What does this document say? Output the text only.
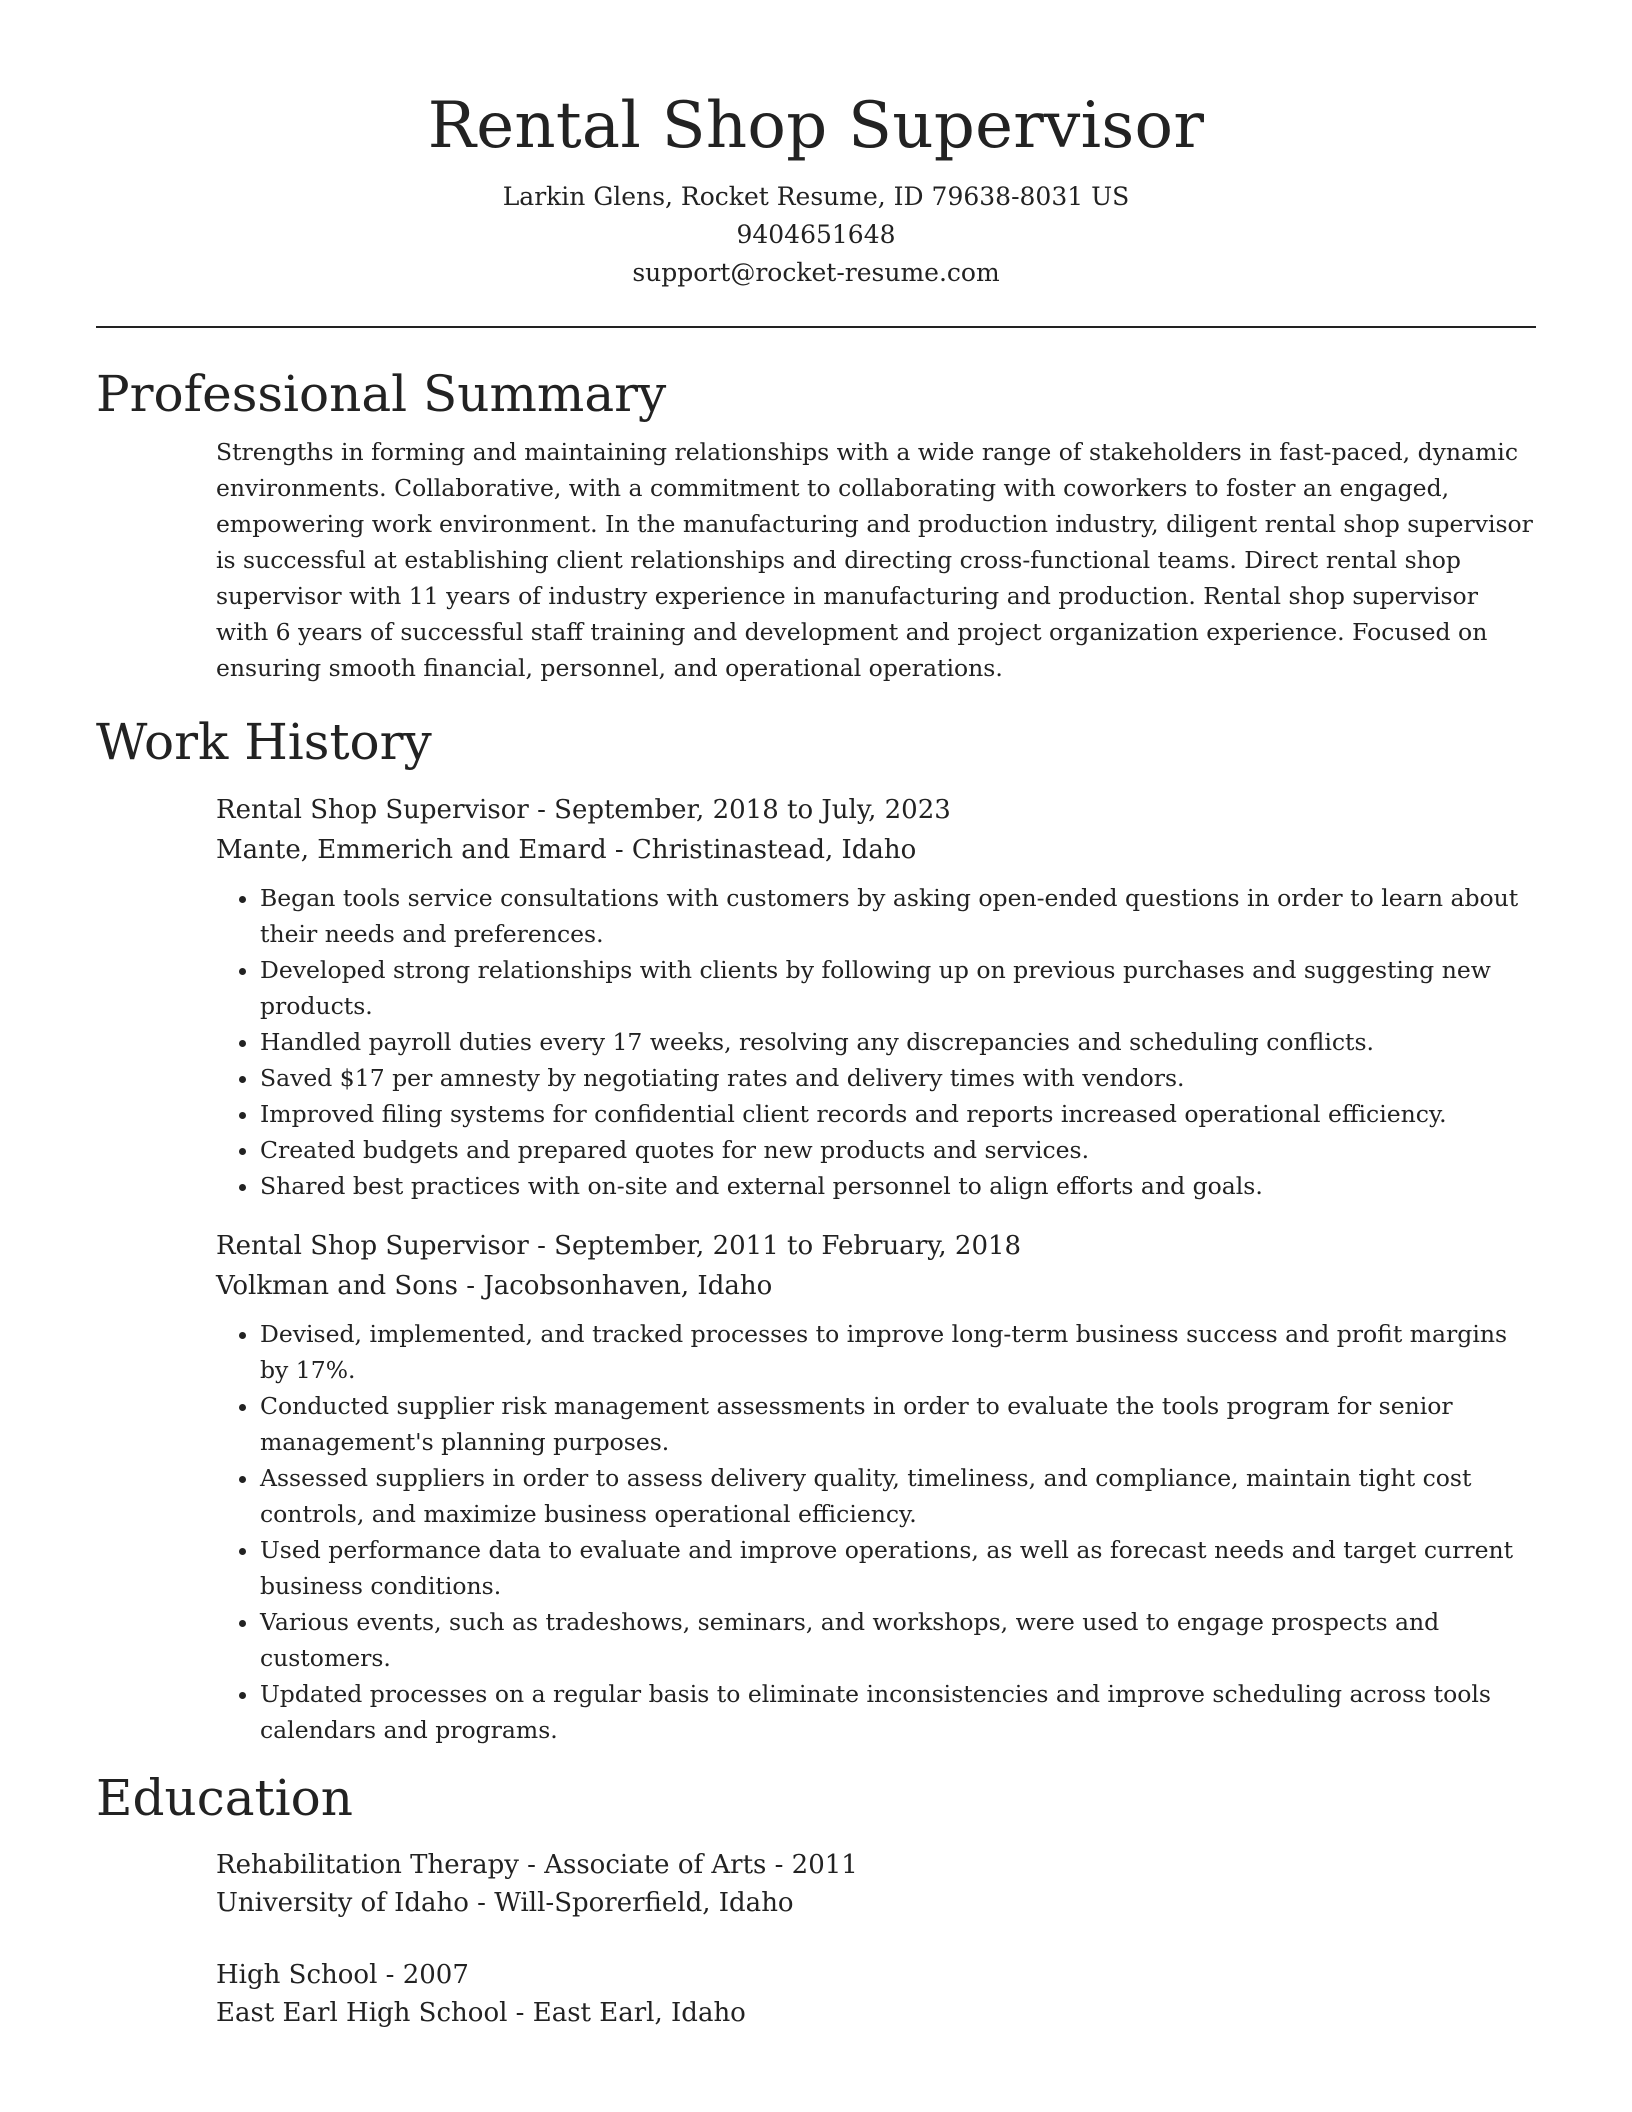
Rental Shop Supervisor
Larkin Glens, Rocket Resume, ID 79638-8031 US
9404651648
support@rocket-resume.com
Professional Summary

Strengths in forming and maintaining relationships with a wide range of stakeholders in fast-paced, dynamic environments. Collaborative, with a commitment to collaborating with coworkers to foster an engaged, empowering work environment. In the manufacturing and production industry, diligent rental shop supervisor is successful at establishing client relationships and directing cross-functional teams. Direct rental shop supervisor with 11 years of industry experience in manufacturing and production. Rental shop supervisor with 6 years of successful staff training and development and project organization experience. Focused on ensuring smooth financial, personnel, and operational operations.

Work History
Rental Shop Supervisor - September, 2018 to July, 2023
Mante, Emmerich and Emard - Christinastead, Idaho
• Began tools service consultations with customers by asking open-ended questions in order to learn about their needs and preferences.
• Developed strong relationships with clients by following up on previous purchases and suggesting new products.
• Handled payroll duties every 17 weeks, resolving any discrepancies and scheduling conflicts.
• Saved $17 per amnesty by negotiating rates and delivery times with vendors.
• Improved filing systems for confidential client records and reports increased operational efficiency.
• Created budgets and prepared quotes for new products and services.
• Shared best practices with on-site and external personnel to align efforts and goals.
Rental Shop Supervisor - September, 2011 to February, 2018
Volkman and Sons - Jacobsonhaven, Idaho
• Devised, implemented, and tracked processes to improve long-term business success and profit margins by 17%.
• Conducted supplier risk management assessments in order to evaluate the tools program for senior management's planning purposes.
• Assessed suppliers in order to assess delivery quality, timeliness, and compliance, maintain tight cost controls, and maximize business operational efficiency.
• Used performance data to evaluate and improve operations, as well as forecast needs and target current business conditions.
• Various events, such as tradeshows, seminars, and workshops, were used to engage prospects and customers.
• Updated processes on a regular basis to eliminate inconsistencies and improve scheduling across tools calendars and programs.
Education
Rehabilitation Therapy - Associate of Arts - 2011
University of Idaho - Will-Sporerfield, Idaho
High School - 2007
East Earl High School - East Earl, Idaho
